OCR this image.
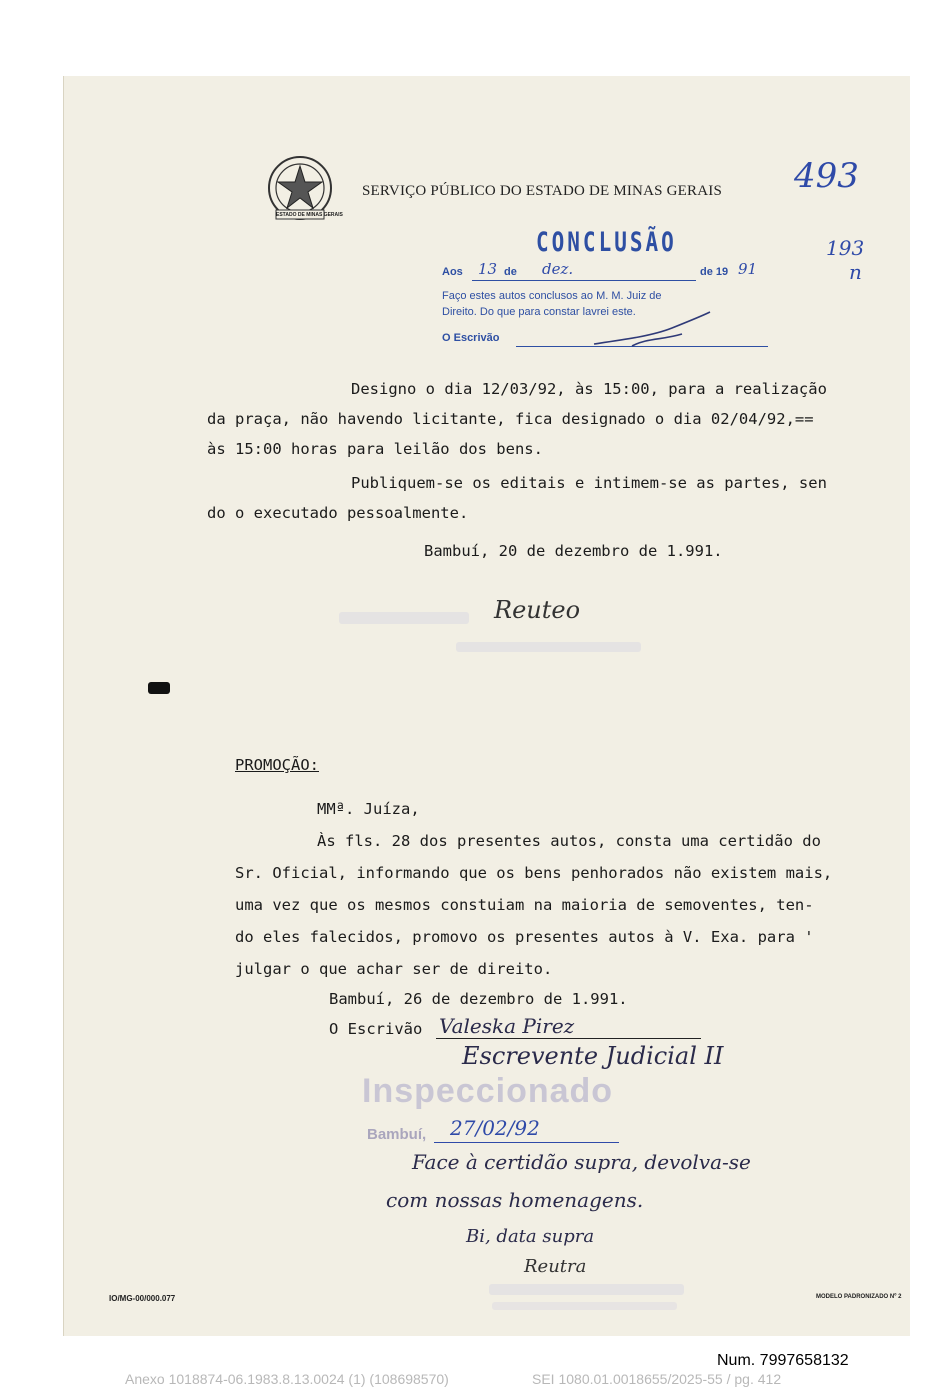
ESTADO DE MINAS GERAIS
SERVIÇO PÚBLICO DO ESTADO DE MINAS GERAIS 493
193
n
CONCLUSÃO
Aos 13 de dez.	de 19 91
Faço estes autos conclusos ao M. M. Juiz de
Direito. Do que para constar lavrei este.
O Escrivão
Designo o dia 12/03/92, às 15:00, para a realização
da praça, não havendo licitante, fica designado o dia 02/04/92,==
às 15:00 horas para leilão dos bens.
Publiquem-se os editais e intimem-se as partes, sen
do o executado pessoalmente.
Bambuí, 20 de dezembro de 1.991.
Reuteo
PROMOÇÃO:
MMª. Juíza,
Às fls. 28 dos presentes autos, consta uma certidão do
Sr. Oficial, informando que os bens penhorados não existem mais,
uma vez que os mesmos constuiam na maioria de semoventes, ten-
do eles falecidos, promovo os presentes autos à V. Exa. para '
julgar o que achar ser de direito.
Bambuí, 26 de dezembro de 1.991.
O Escrivão Valeska Pirez
Escrevente Judicial II
Inspeccionado
Bambuí, 27/02/92
Face à certidão supra, devolva-se
com nossas homenagens.
Bi, data supra
Reutra
IO/MG-00/000.077	MODELO PADRONIZADO Nº 2
Num. 7997658132
Anexo 1018874-06.1983.8.13.0024 (1) (108698570)	SEI 1080.01.0018655/2025-55 / pg. 412
